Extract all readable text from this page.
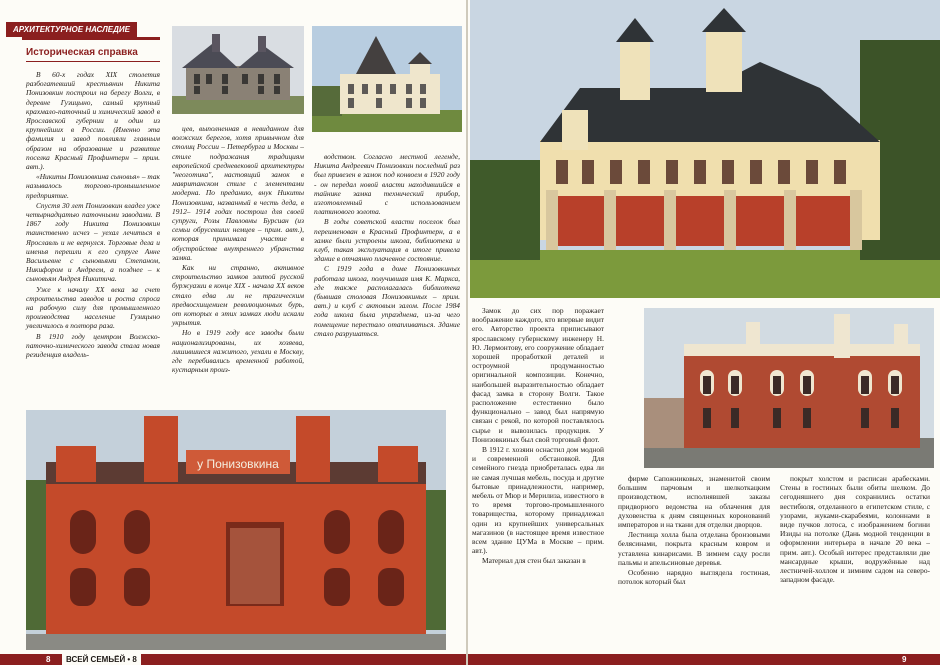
АРХИТЕКТУРНОЕ НАСЛЕДИЕ
Историческая справка

В 60-х годах XIX столетия разбогатевший крестьянин Никита Понизовкин построил на берегу Волги, в деревне Гузицыно, самый крупный крахмало-паточный и химический завод в Ярославской губернии и один из крупнейших в России. (Именно эта фамилия и завод повлияли главным образом на образование и развитие поселка Красный Профинтерн – прим. авт.).

«Никиты Понизовкина сыновья» – так называлось торгово-промышленное предприятие.

Спустя 30 лет Понизовкин владел уже четырнадцатью паточными заводами. В 1867 году Никита Понизовкин таинственно исчез – уехал лечиться в Ярославль и не вернулся. Торговые дела и именья перешли к его супруге Анне Васильевне с сыновьями Степаном, Никифором и Андреем, а позднее – к сыновьям Андрея Никитича.

Уже к началу XX века за счет строительства заводов и роста спроса на рабочую силу для промышленного производства население Гузицыно увеличилось в полтора раза.

В 1910 году центром Волжско-паточно-химического завода стала новая резиденция владель-

цев, выполненная в невиданном для волжских берегов, хотя привычном для столиц России – Петербурга и Москвы – стиле подражания традициям европейской средневековой архитектуры "неоготика", настоящий замок в мавританском стиле с элементами модерна. По преданию, внук Никиты Понизовкина, названный в честь деда, в 1912– 1914 годах построил для своей супруги, Розы Павловны Бурсиан (из семьи обрусевших немцев – прим. авт.), которая принимала участие в обустройстве внутреннего убранства замка.

Как ни странно, активное строительство замков элитой русской буржуазии в конце XIX - начала XX веков стало едва ли не трагическим предвосхищением революционных бурь, от которых в этих замках люди искали укрытия.

Но в 1919 году все заводы были национализированы, их хозяева, лишившиеся нажитого, уехали в Москву, где перебивались временной работой, кустарным произ-

водством. Согласно местной легенде, Никита Андреевич Понизовкин последний раз был привезен в замок под конвоем в 1920 году - он передал новой власти находившийся в тайнике замка технический прибор, изготовленный с использованием платинового золота.

В годы советской власти поселок был переименован в Красный Профинтерн, а в замке были устроены школа, библиотека и клуб, такая эксплуатация в итоге привела здание в отчаянно плачевное состояние.

С 1919 года в доме Понизовкиных работала школа, получившая имя К. Маркса, где также располагалась библиотека (бывшая столовая Понизовкиных – прим. авт.) и клуб с актовым залом. После 1984 года школа была упразднена, из-за чего помещение перестало отапливаться. Здание стало разрушаться.

у Понизовкина
8	ВСЕЙ СЕМЬЁЙ • 8

Замок до сих пор поражает воображение каждого, кто впервые видит его. Авторство проекта приписывают ярославскому губернскому инженеру Н. Ю. Лермонтову, его сооружение обладает хорошей проработкой деталей и остроумной продуманностью оригинальной композиции. Конечно, наибольшей выразительностью обладает фасад замка в сторону Волги. Такое расположение естественно было функционально – завод был напрямую связан с рекой, по которой поставлялось сырье и вывозилась продукция. У Понизовкиных был свой торговый флот.

В 1912 г. хозяин оснастил дом модной и современной обстановкой. Для семейного гнезда приобреталась едва ли не самая лучшая мебель, посуда и другие бытовые принадлежности, например, мебель от Мюр и Мерилиза, известного в то время торгово-промышленного товарищества, которому принадлежал один из крупнейших универсальных магазинов (в настоящее время известное всем здание ЦУМа в Москве – прим. авт.).

Материал для стен был заказан в

фирме Сапожниковых, знаменитой своим большим парчовым и шелкоткацким производством, исполнявшей заказы придворного ведомства на облачения для духовенства к дням священных коронований императоров и на ткани для отделки дворцов.

Лестница холла была отделана бронзовыми белясинами, покрыта красным ковром и уставлена кинарисами. В зимнем саду росли пальмы и апельсиновые деревья.

Особенно нарядно выглядела гостиная, потолок который был

покрыт холстом и расписан арабесками. Стены в гостиных были обиты шелком. До сегодняшнего дня сохранились остатки вестибюля, отделанного в египетском стиле, с узорами, жуками-скарабеями, колоннами в виде пучков лотоса, с изображением богини Изиды на потолке (Дань модной тенденции в оформлении интерьера в начале 20 века – прим. авт.). Особый интерес представляли две мансардные крыши, водружённые над лестничей-холлом и зимним садом на северо-западном фасаде.

9
